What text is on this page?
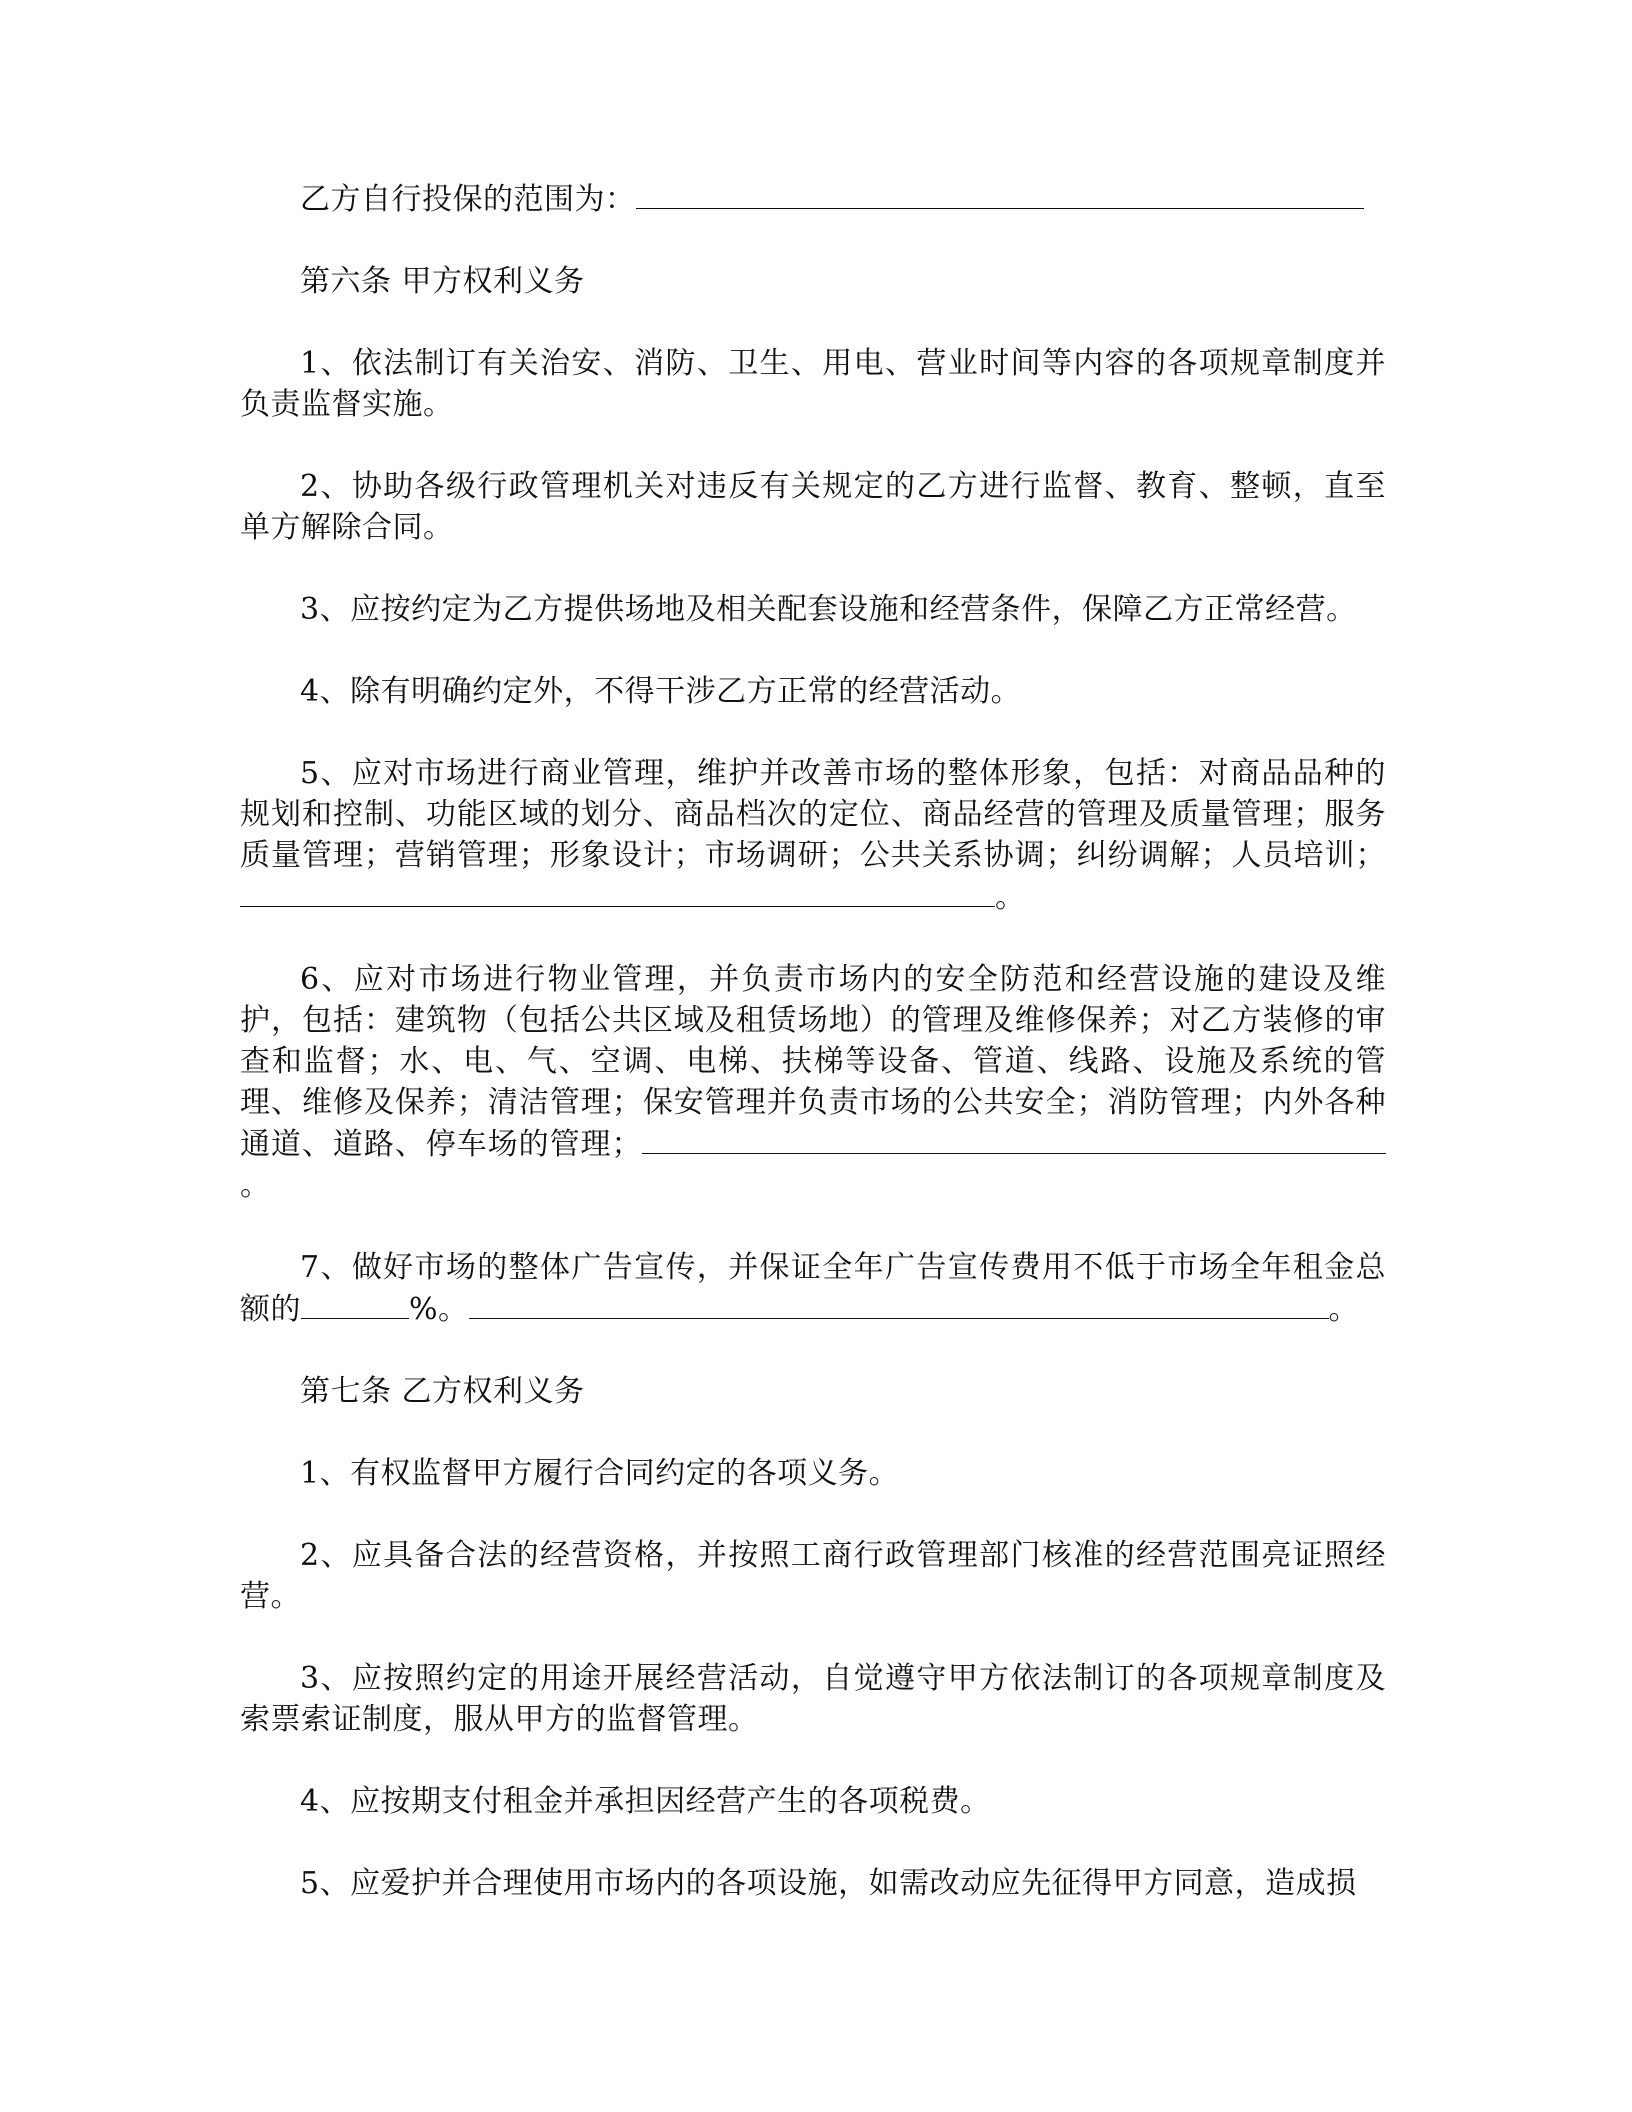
乙方自行投保的范围为：

第六条 甲方权利义务

1、依法制订有关治安、消防、卫生、用电、营业时间等内容的各项规章制度并负责监督实施。

2、协助各级行政管理机关对违反有关规定的乙方进行监督、教育、整顿，直至单方解除合同。

3、应按约定为乙方提供场地及相关配套设施和经营条件，保障乙方正常经营。

4、除有明确约定外，不得干涉乙方正常的经营活动。

5、应对市场进行商业管理，维护并改善市场的整体形象，包括：对商品品种的规划和控制、功能区域的划分、商品档次的定位、商品经营的管理及质量管理；服务质量管理；营销管理；形象设计；市场调研；公共关系协调；纠纷调解；人员培训；。

6、应对市场进行物业管理，并负责市场内的安全防范和经营设施的建设及维护，包括：建筑物（包括公共区域及租赁场地）的管理及维修保养；对乙方装修的审查和监督；水、电、气、空调、电梯、扶梯等设备、管道、线路、设施及系统的管理、维修及保养；清洁管理；保安管理并负责市场的公共安全；消防管理；内外各种通道、道路、停车场的管理；。

7、做好市场的整体广告宣传，并保证全年广告宣传费用不低于市场全年租金总额的	%。	。

第七条 乙方权利义务

1、有权监督甲方履行合同约定的各项义务。

2、应具备合法的经营资格，并按照工商行政管理部门核准的经营范围亮证照经营。

3、应按照约定的用途开展经营活动，自觉遵守甲方依法制订的各项规章制度及索票索证制度，服从甲方的监督管理。

4、应按期支付租金并承担因经营产生的各项税费。

5、应爱护并合理使用市场内的各项设施，如需改动应先征得甲方同意，造成损
